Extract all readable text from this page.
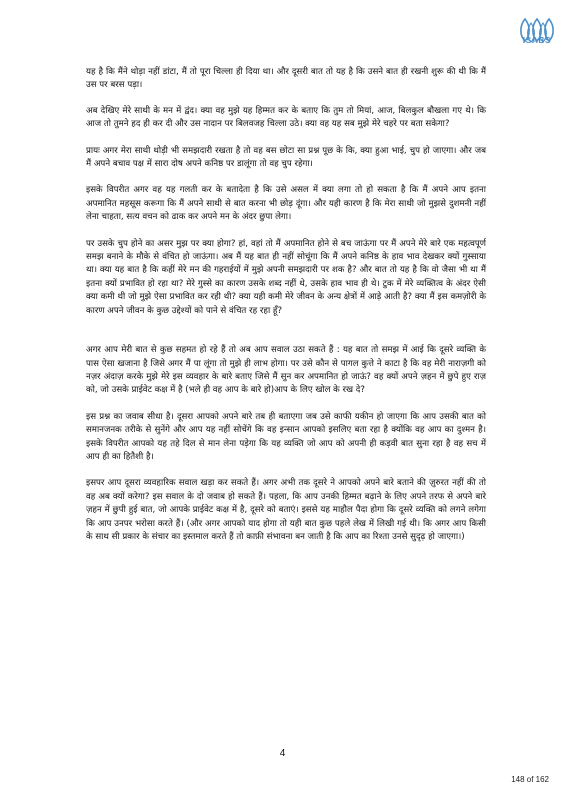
ISABS

यह है कि मैंने थोड़ा नहीं डांटा, मैं तो पूरा चिल्ला ही दिया था। और दूसरी बात तो यह है कि उसने बात ही रखनी शुरू की थी कि मैं उस पर बरस पड़ा।

अब देखिए मेरे साथी के मन में द्वंद। क्या वह मुझे यह हिम्मत कर के बताए कि तुम तो मियां, आज, बिलकुल बौखला गए थे। कि आज तो तुमने हद ही कर दी और उस नादान पर बिलवजह चिल्ला उठे। क्या वह यह सब मुझे मेरे चहरे पर बता सकेगा?

प्रायः अगर मेरा साथी थोड़ी भी समझदारी रखता है तो वह बस छोटा सा प्रश्न पूछ के कि, क्या हुआ भाई, चुप हो जाएगा। और जब मैं अपने बचाव पक्ष में सारा दोष अपने कनिष्ठ पर डालूंगा तो वह चुप रहेगा।

इसके विपरीत अगर वह यह गलती कर के बतादेता है कि उसे असल में क्या लगा तो हो सकता है कि मैं अपने आप इतना अपमानित महसूस करूगा कि मैं अपने साथी से बात करना भी छोड़ दूंगा। और यही कारण है कि मेरा साथी जो मुझसे दुशमनी नहीं लेना चाहता, सत्य वचन को ढाक कर अपने मन के अंदर छुपा लेगा।

पर उसके चुप होने का असर मुझ पर क्या होगा? हां, वहां तो मैं अपमानित होने से बच जाऊंगा पर मैं अपने मेरे बारे एक महत्वपूर्ण समझ बनाने के मौके से वंचित हो जाऊंगा। अब मैं यह बात ही नहीं सोचूंगा कि मैं अपने कनिष्ठ के हाव भाव देखकर क्यों गुस्साया था। क्या यह बात है कि कहीं मेरे मन की गहराईयों में मुझे अपनी समझदारी पर शक है? और बात तो यह है कि वो जैसा भी था मैं इतना क्यों प्रभावित हो रहा था? मेरे गुस्से का कारण उसके शब्द नहीं थे, उसके हाव भाव ही थे। टुक में मेरे व्यक्तित्व के अंदर ऐसी क्या कमी थी जो मुझे ऐसा प्रभावित कर रही थी? क्या यही कमी मेरे जीवन के अन्य क्षेत्रों में आड़े आती है? क्या मैं इस कमज़ोरी के कारण अपने जीवन के कुछ उद्देश्यों को पाने से वंचित रह रहा हूँ?

अगर आप मेरी बात से कुछ सहमत हो रहे हैं तो अब आप सवाल उठा सकते हैं : यह बात तो समझ में आई कि दूसरे व्यक्ति के पास ऐसा खजाना है जिसे अगर मैं पा लूंगा तो मुझे ही लाभ होगा। पर उसे कौन से पागल कुत्ते ने काटा है कि वह मेरी नाराज़गी को नज़र अंदाज़ करके मुझे मेरे इस व्यवहार के बारे बताए जिसे मैं सुन कर अपमानित हो जाऊं? वह क्यों अपने ज़हन में छुपे हुए राज़ को, जो उसके प्राईवेट कक्ष में है (भले ही वह आप के बारे हो)आप के लिए खोल के रख दे?

इस प्रश्न का जवाब सीधा है। दूसरा आपको अपने बारे तब ही बताएगा जब उसे काफी यकीन हो जाएगा कि आप उसकी बात को समानजनक तरीके से सुनेंगे और आप यह नहीं सोचेंगे कि वह इन्सान आपको इसलिए बता रहा है क्योंकि वह आप का दुश्मन है। इसके विपरीत आपको यह तहे दिल से मान लेना पड़ेगा कि यह व्यक्ति जो आप को अपनी ही कड़वी बात सुना रहा है वह सच में आप ही का हितैशी है।

इसपर आप दूसरा व्यवहारिक सवाल खड़ा कर सकते हैं। अगर अभी तक दूसरे ने आपको अपने बारे बताने की ज़ुरुरत नहीं की तो वह अब क्यों करेगा? इस सवाल के दो जवाब हो सकते हैं। पहला, कि आप उनकी हिम्मत बढ़ाने के लिए अपने तरफ से अपने बारे ज़हन में छुपी हुई बात, जो आपके प्राईवेट कक्ष में है, दूसरे को बताएं। इससे यह माहौल पैदा होगा कि दूसरे व्यक्ति को लगने लगेगा कि आप उनपर भरोसा करते हैं। (और अगर आपको याद होगा तो यही बात कुछ पहले लेख में लिखी गई थी। कि अगर आप किसी के साथ सी प्रकार के संचार का इस्तमाल करते हैं तो काफ़ी संभावना बन जाती है कि आप का रिश्ता उनसे सुदृढ़ हो जाएगा।)

4
148 of 162
